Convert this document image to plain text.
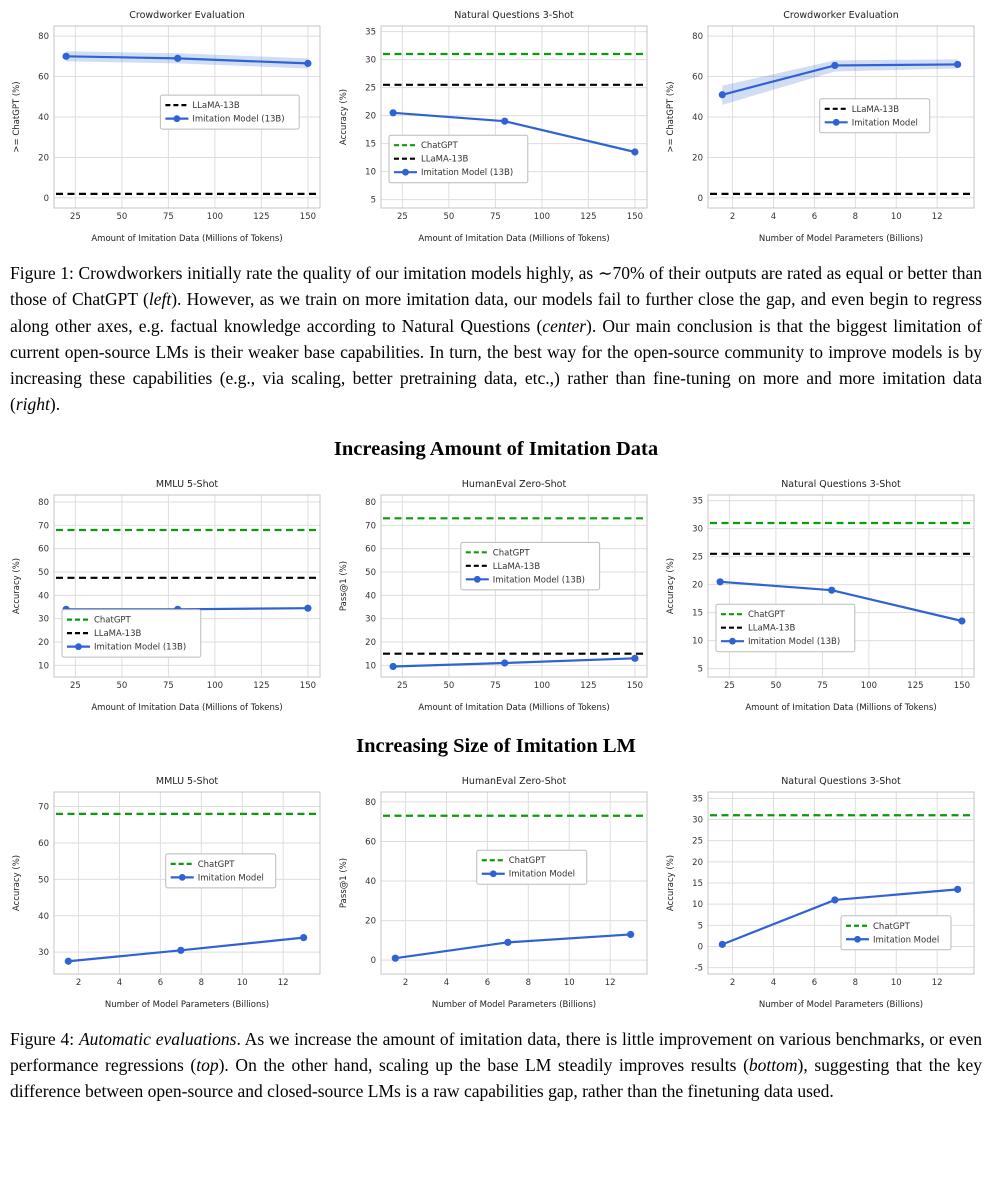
25	50	75	100	125	150
0
20
40
60
80
Crowdworker Evaluation
Amount of Imitation Data (Millions of Tokens)
>= ChatGPT (%)	LLaMA-13B
Imitation Model (13B)
25	50	75	100	125	150
5
10
15
20
25
30
35
Natural Questions 3-Shot
Amount of Imitation Data (Millions of Tokens)
Accuracy (%)
ChatGPT
LLaMA-13B
Imitation Model (13B)
2	4	6	8	10	12
0
20
40
60
80
Crowdworker Evaluation
Number of Model Parameters (Billions)
>= ChatGPT (%)	LLaMA-13B
Imitation Model

Figure 1: Crowdworkers initially rate the quality of our imitation models highly, as ∼70% of their outputs are rated as equal or better than those of ChatGPT (left). However, as we train on more imitation data, our models fail to further close the gap, and even begin to regress along other axes, e.g. factual knowledge according to Natural Questions (center). Our main conclusion is that the biggest limitation of current open-source LMs is their weaker base capabilities. In turn, the best way for the open-source community to improve models is by increasing these capabilities (e.g., via scaling, better pretraining data, etc.,) rather than fine-tuning on more and more imitation data (right).

Increasing Amount of Imitation Data
25	50	75	100	125	150
10
20
30
40
50
60
70
80
MMLU 5-Shot
Amount of Imitation Data (Millions of Tokens)
Accuracy (%)
ChatGPT
LLaMA-13B
Imitation Model (13B)
25	50	75	100	125	150
10
20
30
40
50
60
70
80
HumanEval Zero-Shot
Amount of Imitation Data (Millions of Tokens)
Pass@1 (%)
ChatGPT
LLaMA-13B
Imitation Model (13B)
25	50	75	100	125	150
5
10
15
20
25
30
35
Natural Questions 3-Shot
Amount of Imitation Data (Millions of Tokens)
Accuracy (%)
ChatGPT
LLaMA-13B
Imitation Model (13B)
Increasing Size of Imitation LM
2	4	6	8	10	12
30
40
50
60
70
MMLU 5-Shot
Number of Model Parameters (Billions)
Accuracy (%)	ChatGPT
Imitation Model
2	4	6	8	10	12
0
20
40
60
80
HumanEval Zero-Shot
Number of Model Parameters (Billions)
Pass@1 (%)	ChatGPT
Imitation Model
2	4	6	8	10	12
-5
0
5
10
15
20
25
30
35
Natural Questions 3-Shot
Number of Model Parameters (Billions)
Accuracy (%)
ChatGPT
Imitation Model

Figure 4: Automatic evaluations. As we increase the amount of imitation data, there is little improvement on various benchmarks, or even performance regressions (top). On the other hand, scaling up the base LM steadily improves results (bottom), suggesting that the key difference between open-source and closed-source LMs is a raw capabilities gap, rather than the finetuning data used.
